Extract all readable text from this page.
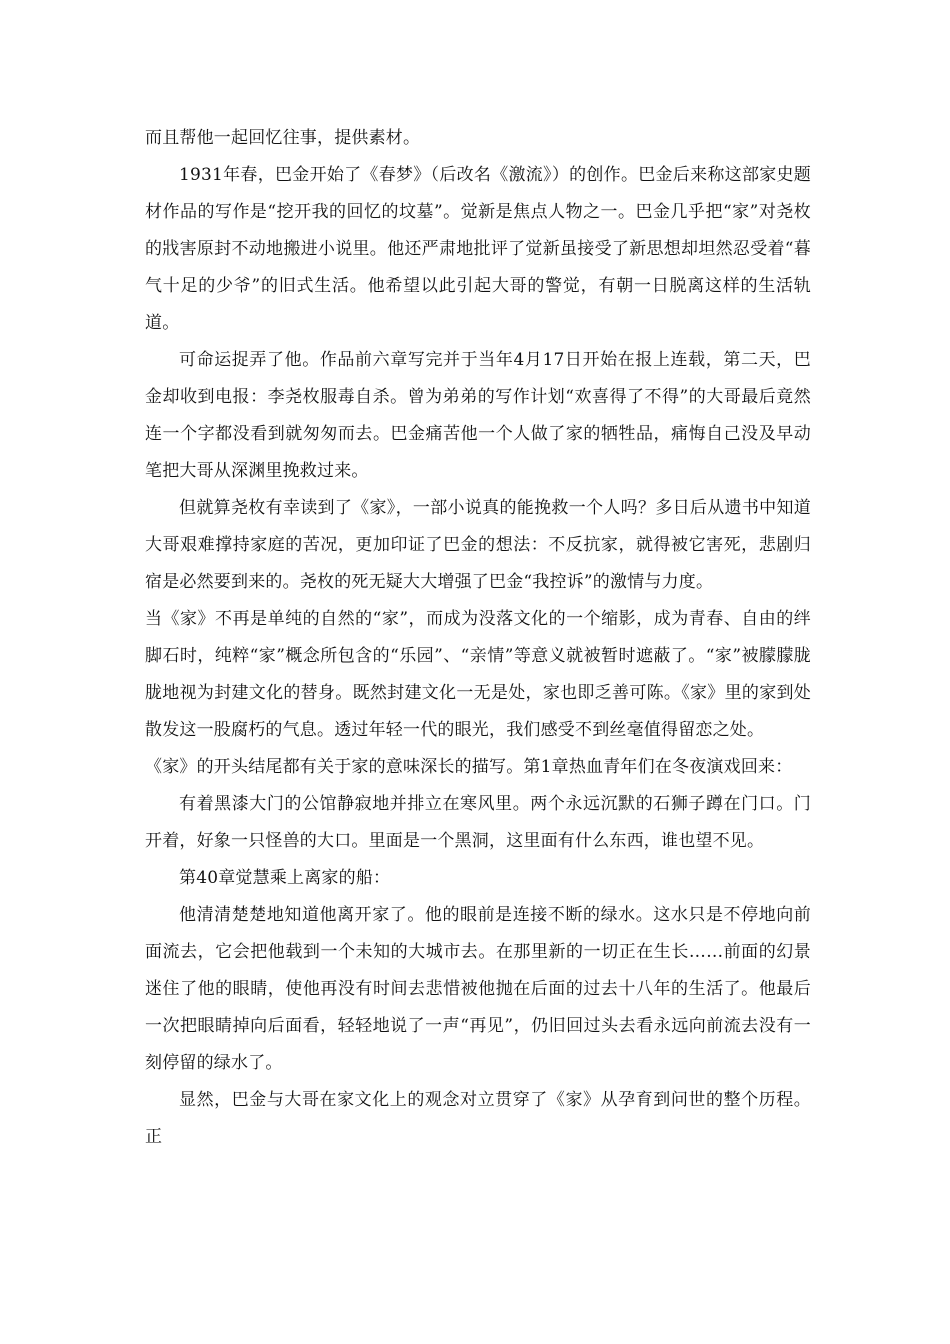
而且帮他一起回忆往事，提供素材。

1931年春，巴金开始了《春梦》（后改名《激流》）的创作。巴金后来称这部家史题材作品的写作是“挖开我的回忆的坟墓”。觉新是焦点人物之一。巴金几乎把“家”对尧枚的戕害原封不动地搬进小说里。他还严肃地批评了觉新虽接受了新思想却坦然忍受着“暮气十足的少爷”的旧式生活。他希望以此引起大哥的警觉，有朝一日脱离这样的生活轨道。

可命运捉弄了他。作品前六章写完并于当年4月17日开始在报上连载，第二天，巴金却收到电报：李尧枚服毒自杀。曾为弟弟的写作计划“欢喜得了不得”的大哥最后竟然连一个字都没看到就匆匆而去。巴金痛苦他一个人做了家的牺牲品，痛悔自己没及早动笔把大哥从深渊里挽救过来。

但就算尧枚有幸读到了《家》，一部小说真的能挽救一个人吗？多日后从遗书中知道大哥艰难撑持家庭的苦况，更加印证了巴金的想法：不反抗家，就得被它害死，悲剧归宿是必然要到来的。尧枚的死无疑大大增强了巴金“我控诉”的激情与力度。

当《家》不再是单纯的自然的“家”，而成为没落文化的一个缩影，成为青春、自由的绊脚石时，纯粹“家”概念所包含的“乐园”、“亲情”等意义就被暂时遮蔽了。“家”被朦朦胧胧地视为封建文化的替身。既然封建文化一无是处，家也即乏善可陈。《家》里的家到处散发这一股腐朽的气息。透过年轻一代的眼光，我们感受不到丝毫值得留恋之处。

《家》的开头结尾都有关于家的意味深长的描写。第1章热血青年们在冬夜演戏回来：

有着黑漆大门的公馆静寂地并排立在寒风里。两个永远沉默的石狮子蹲在门口。门开着，好象一只怪兽的大口。里面是一个黑洞，这里面有什么东西，谁也望不见。

第40章觉慧乘上离家的船：

他清清楚楚地知道他离开家了。他的眼前是连接不断的绿水。这水只是不停地向前面流去，它会把他载到一个未知的大城市去。在那里新的一切正在生长……前面的幻景迷住了他的眼睛，使他再没有时间去悲惜被他抛在后面的过去十八年的生活了。他最后一次把眼睛掉向后面看，轻轻地说了一声“再见”，仍旧回过头去看永远向前流去没有一刻停留的绿水了。

显然，巴金与大哥在家文化上的观念对立贯穿了《家》从孕育到问世的整个历程。正
